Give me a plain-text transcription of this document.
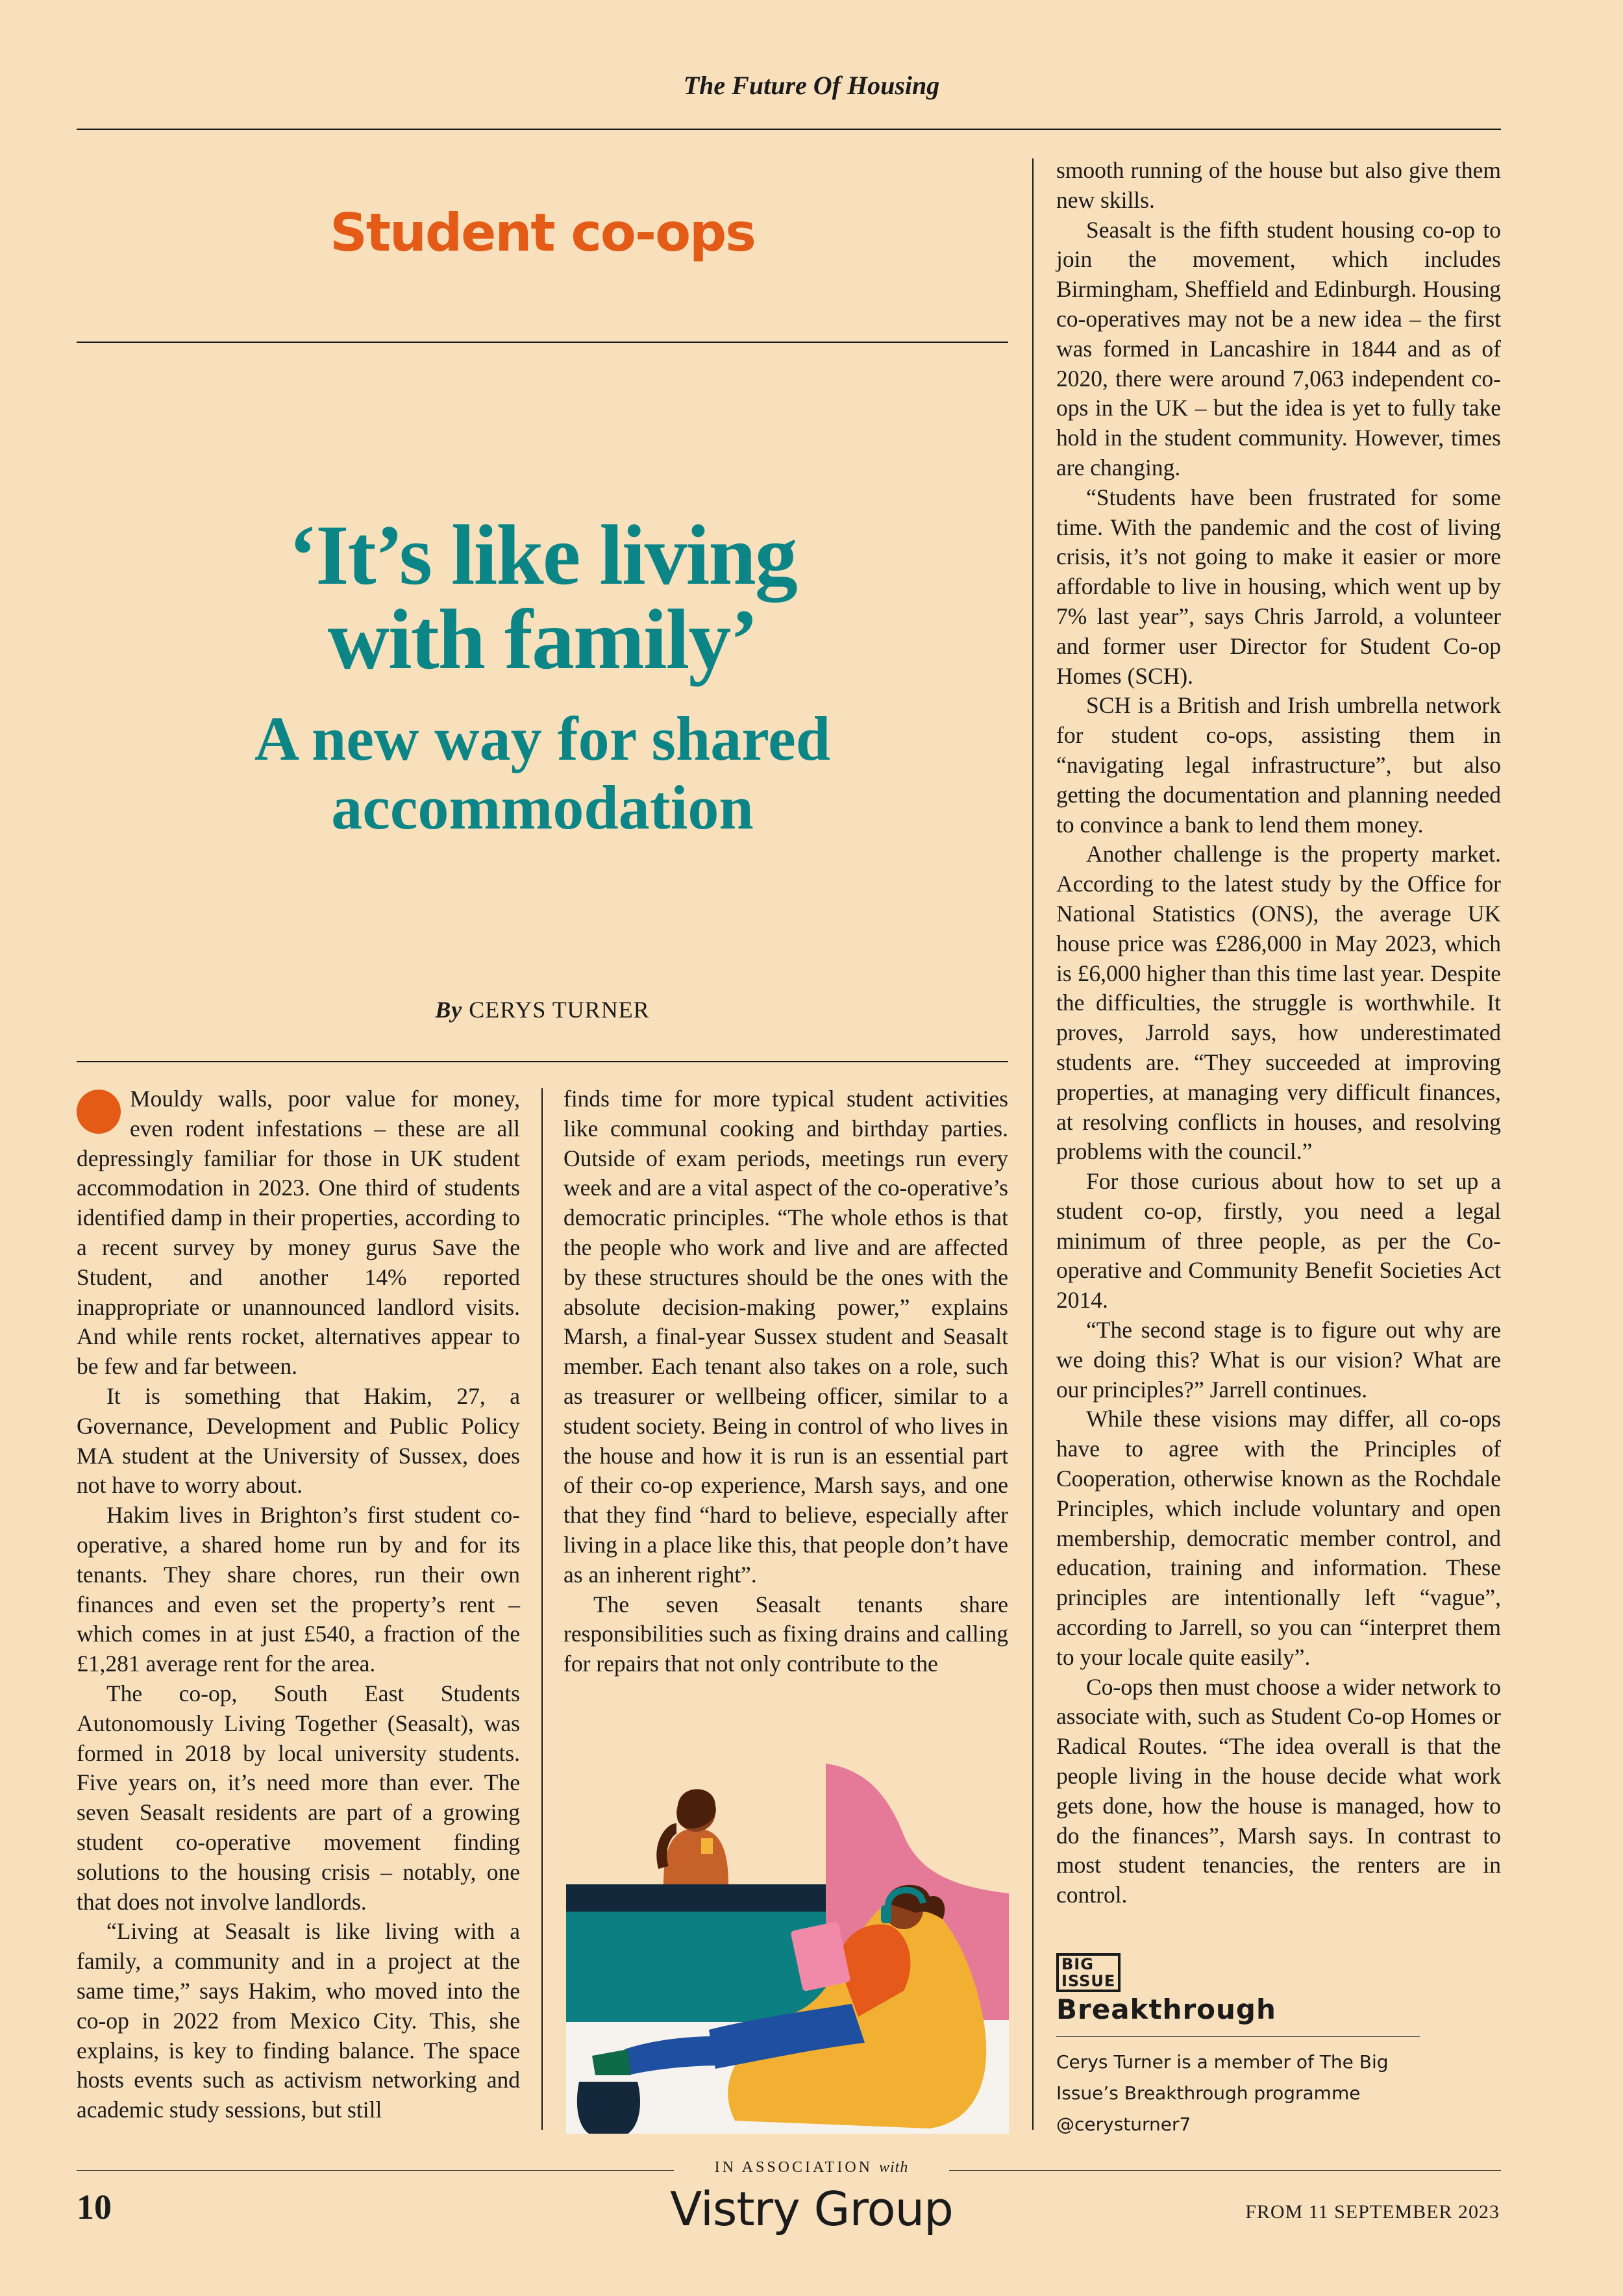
The Future Of Housing
Student co-ops
‘It’s like living
with family’
A new way for shared
accommodation
By CERYS TURNER

Mouldy walls, poor value for money, even rodent infestations – these are all depressingly familiar for those in UK student accommodation in 2023. One third of students identified damp in their properties, according to a recent survey by money gurus Save the Student, and another 14% reported inappropriate or unannounced landlord visits. And while rents rocket, alternatives appear to be few and far between.

It is something that Hakim, 27, a Governance, Development and Public Policy MA student at the University of Sussex, does not have to worry about.

Hakim lives in Brighton’s first student co-operative, a shared home run by and for its tenants. They share chores, run their own finances and even set the property’s rent – which comes in at just £540, a fraction of the £1,281 average rent for the area.

The co-op, South East Students Autonomously Living Together (Seasalt), was formed in 2018 by local university students. Five years on, it’s need more than ever. The seven Seasalt residents are part of a growing student co-operative movement finding solutions to the housing crisis – notably, one that does not involve landlords.

“Living at Seasalt is like living with a family, a community and in a project at the same time,” says Hakim, who moved into the co-op in 2022 from Mexico City. This, she explains, is key to finding balance. The space hosts events such as activism networking and academic study sessions, but still

finds time for more typical student activities like communal cooking and birthday parties. Outside of exam periods, meetings run every week and are a vital aspect of the co-operative’s democratic principles. “The whole ethos is that the people who work and live and are affected by these structures should be the ones with the absolute decision-making power,” explains Marsh, a final-year Sussex student and Seasalt member. Each tenant also takes on a role, such as treasurer or wellbeing officer, similar to a student society. Being in control of who lives in the house and how it is run is an essential part of their co-op experience, Marsh says, and one that they find “hard to believe, especially after living in a place like this, that people don’t have as an inherent right”.

The seven Seasalt tenants share responsibilities such as fixing drains and calling for repairs that not only contribute to the

smooth running of the house but also give them new skills.

Seasalt is the fifth student housing co-op to join the movement, which includes Birmingham, Sheffield and Edinburgh. Housing co-operatives may not be a new idea – the first was formed in Lancashire in 1844 and as of 2020, there were around 7,063 independent co-ops in the UK – but the idea is yet to fully take hold in the student community. However, times are changing.

“Students have been frustrated for some time. With the pandemic and the cost of living crisis, it’s not going to make it easier or more affordable to live in housing, which went up by 7% last year”, says Chris Jarrold, a volunteer and former user Director for Student Co-op Homes (SCH).

SCH is a British and Irish umbrella network for student co-ops, assisting them in “navigating legal infrastructure”, but also getting the documentation and planning needed to convince a bank to lend them money.

Another challenge is the property market. According to the latest study by the Office for National Statistics (ONS), the average UK house price was £286,000 in May 2023, which is £6,000 higher than this time last year. Despite the difficulties, the struggle is worthwhile. It proves, Jarrold says, how underestimated students are. “They succeeded at improving properties, at managing very difficult finances, at resolving conflicts in houses, and resolving problems with the council.”

For those curious about how to set up a student co-op, firstly, you need a legal minimum of three people, as per the Co-operative and Community Benefit Societies Act 2014.

“The second stage is to figure out why are we doing this? What is our vision? What are our principles?” Jarrell continues.

While these visions may differ, all co-ops have to agree with the Principles of Cooperation, otherwise known as the Rochdale Principles, which include voluntary and open membership, democratic member control, and education, training and information. These principles are intentionally left “vague”, according to Jarrell, so you can “interpret them to your locale quite easily”.

Co-ops then must choose a wider network to associate with, such as Student Co-op Homes or Radical Routes. “The idea overall is that the people living in the house decide what work gets done, how the house is managed, how to do the finances”, Marsh says. In contrast to most student tenancies, the renters are in control.

BIG
ISSUE
Breakthrough
Cerys Turner is a member of The Big
Issue’s Breakthrough programme
@cerysturner7
IN ASSOCIATION with
Vistry Group
10	FROM 11 SEPTEMBER 2023
